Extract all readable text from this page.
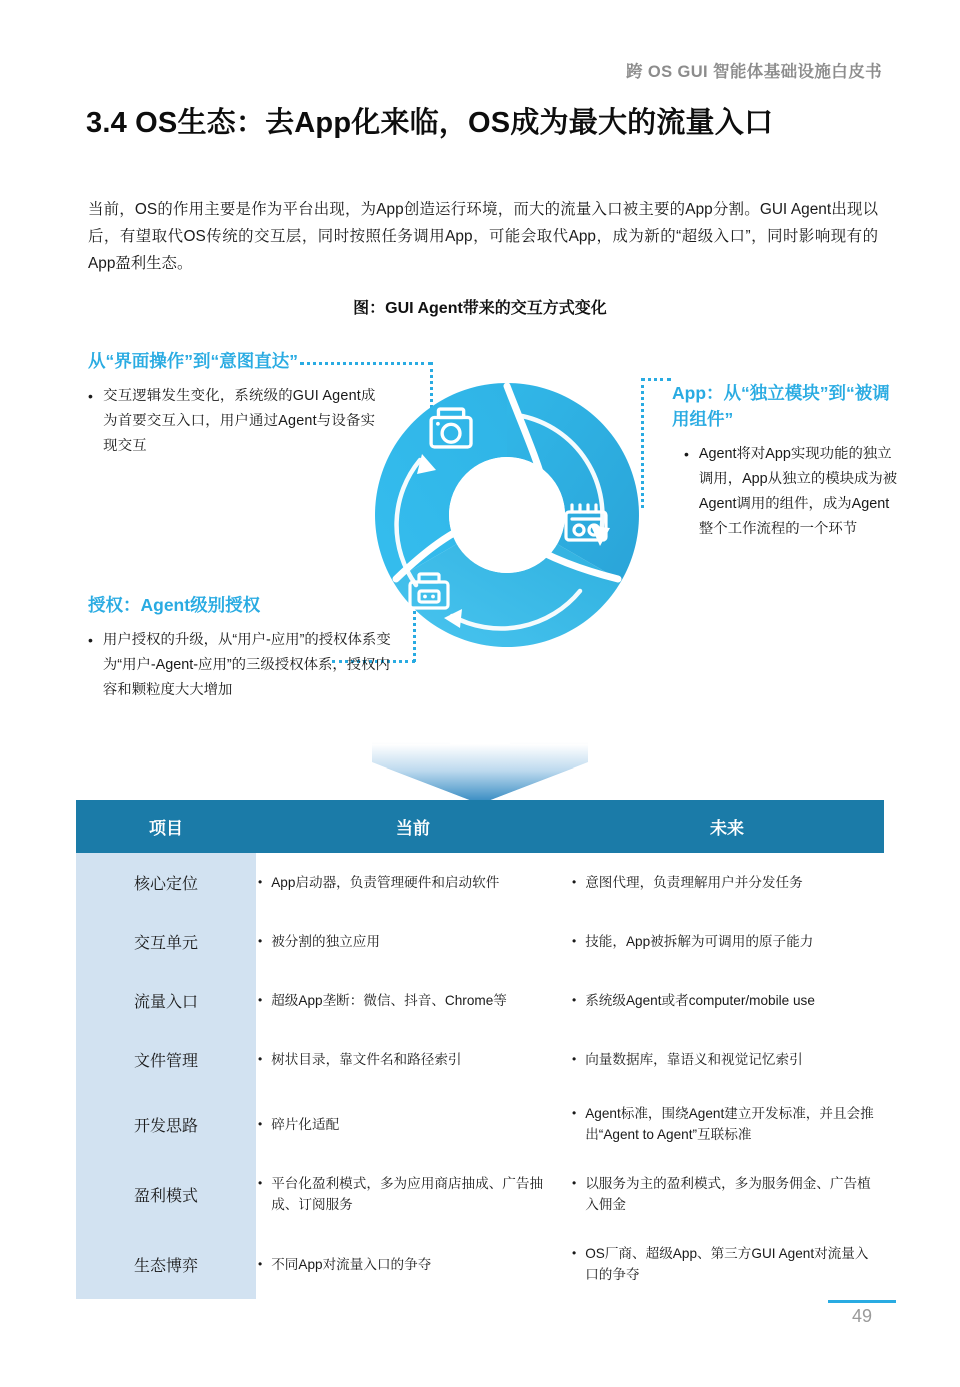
跨 OS GUI 智能体基础设施白皮书
3.4 OS生态：去App化来临，OS成为最大的流量入口

当前，OS的作用主要是作为平台出现，为App创造运行环境，而大的流量入口被主要的App分割。GUI Agent出现以后，有望取代OS传统的交互层，同时按照任务调用App，可能会取代App，成为新的“超级入口”，同时影响现有的App盈利生态。

图：GUI Agent带来的交互方式变化
从“界面操作”到“意图直达”
• 交互逻辑发生变化，系统级的GUI Agent成为首要交互入口，用户通过Agent与设备实现交互
App：从“独立模块”到“被调用组件”
• Agent将对App实现功能的独立调用，App从独立的模块成为被Agent调用的组件，成为Agent整个工作流程的一个环节
授权：Agent级别授权
• 用户授权的升级，从“用户-应用”的授权体系变为“用户-Agent-应用”的三级授权体系，授权内容和颗粒度大大增加
项目	当前	未来
核心定位	• App启动器，负责管理硬件和启动软件	• 意图代理，负责理解用户并分发任务

交互单元	• 被分割的独立应用	• 技能，App被拆解为可调用的原子能力

流量入口	• 超级App垄断：微信、抖音、Chrome等	• 系统级Agent或者computer/mobile use

文件管理	• 树状目录，靠文件名和路径索引	• 向量数据库，靠语义和视觉记忆索引

开发思路	• 碎片化适配	• Agent标准，围绕Agent建立开发标准，并且会推出“Agent to Agent”互联标准

盈利模式	• 平台化盈利模式，多为应用商店抽成、广告抽成、订阅服务	• 以服务为主的盈利模式，多为服务佣金、广告植入佣金

生态博弈	• 不同App对流量入口的争夺	• OS厂商、超级App、第三方GUI Agent对流量入口的争夺
49
